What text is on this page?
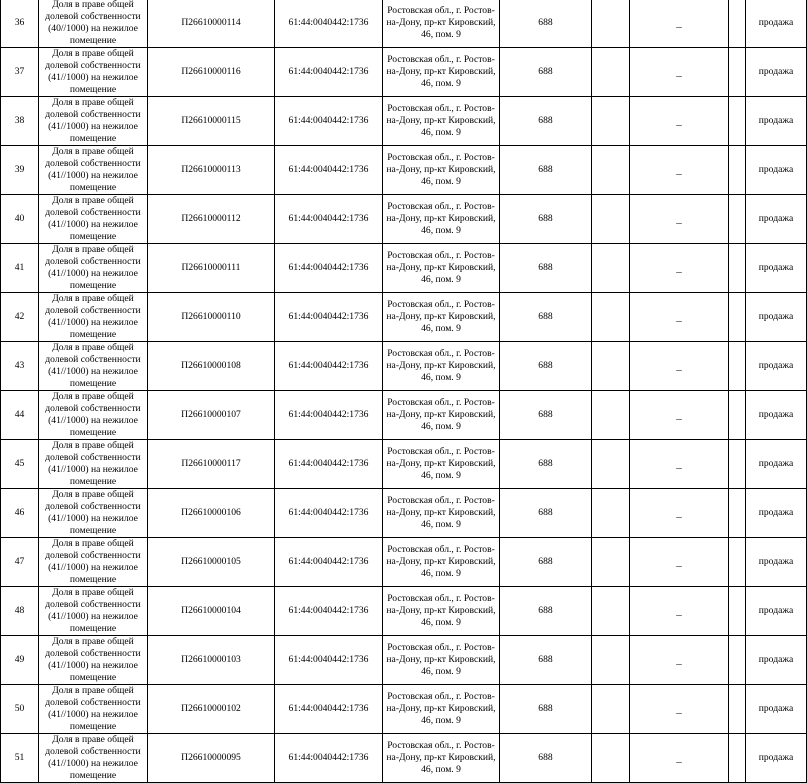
36	Доля в праве общей долевой собственности (40//1000) на нежилое помещение	П26610000114	61:44:0040442:1736	Ростовская обл., г. Ростов-на-Дону, пр-кт Кировский, 46, пом. 9	688		_		продажа
37	Доля в праве общей долевой собственности (41//1000) на нежилое помещение	П26610000116	61:44:0040442:1736	Ростовская обл., г. Ростов-на-Дону, пр-кт Кировский, 46, пом. 9	688		_		продажа
38	Доля в праве общей долевой собственности (41//1000) на нежилое помещение	П26610000115	61:44:0040442:1736	Ростовская обл., г. Ростов-на-Дону, пр-кт Кировский, 46, пом. 9	688		_		продажа
39	Доля в праве общей долевой собственности (41//1000) на нежилое помещение	П26610000113	61:44:0040442:1736	Ростовская обл., г. Ростов-на-Дону, пр-кт Кировский, 46, пом. 9	688		_		продажа
40	Доля в праве общей долевой собственности (41//1000) на нежилое помещение	П26610000112	61:44:0040442:1736	Ростовская обл., г. Ростов-на-Дону, пр-кт Кировский, 46, пом. 9	688		_		продажа
41	Доля в праве общей долевой собственности (41//1000) на нежилое помещение	П26610000111	61:44:0040442:1736	Ростовская обл., г. Ростов-на-Дону, пр-кт Кировский, 46, пом. 9	688		_		продажа
42	Доля в праве общей долевой собственности (41//1000) на нежилое помещение	П26610000110	61:44:0040442:1736	Ростовская обл., г. Ростов-на-Дону, пр-кт Кировский, 46, пом. 9	688		_		продажа
43	Доля в праве общей долевой собственности (41//1000) на нежилое помещение	П26610000108	61:44:0040442:1736	Ростовская обл., г. Ростов-на-Дону, пр-кт Кировский, 46, пом. 9	688		_		продажа
44	Доля в праве общей долевой собственности (41//1000) на нежилое помещение	П26610000107	61:44:0040442:1736	Ростовская обл., г. Ростов-на-Дону, пр-кт Кировский, 46, пом. 9	688		_		продажа
45	Доля в праве общей долевой собственности (41//1000) на нежилое помещение	П26610000117	61:44:0040442:1736	Ростовская обл., г. Ростов-на-Дону, пр-кт Кировский, 46, пом. 9	688		_		продажа
46	Доля в праве общей долевой собственности (41//1000) на нежилое помещение	П26610000106	61:44:0040442:1736	Ростовская обл., г. Ростов-на-Дону, пр-кт Кировский, 46, пом. 9	688		_		продажа
47	Доля в праве общей долевой собственности (41//1000) на нежилое помещение	П26610000105	61:44:0040442:1736	Ростовская обл., г. Ростов-на-Дону, пр-кт Кировский, 46, пом. 9	688		_		продажа
48	Доля в праве общей долевой собственности (41//1000) на нежилое помещение	П26610000104	61:44:0040442:1736	Ростовская обл., г. Ростов-на-Дону, пр-кт Кировский, 46, пом. 9	688		_		продажа
49	Доля в праве общей долевой собственности (41//1000) на нежилое помещение	П26610000103	61:44:0040442:1736	Ростовская обл., г. Ростов-на-Дону, пр-кт Кировский, 46, пом. 9	688		_		продажа
50	Доля в праве общей долевой собственности (41//1000) на нежилое помещение	П26610000102	61:44:0040442:1736	Ростовская обл., г. Ростов-на-Дону, пр-кт Кировский, 46, пом. 9	688		_		продажа
51	Доля в праве общей долевой собственности (41//1000) на нежилое помещение	П26610000095	61:44:0040442:1736	Ростовская обл., г. Ростов-на-Дону, пр-кт Кировский, 46, пом. 9	688		_		продажа
